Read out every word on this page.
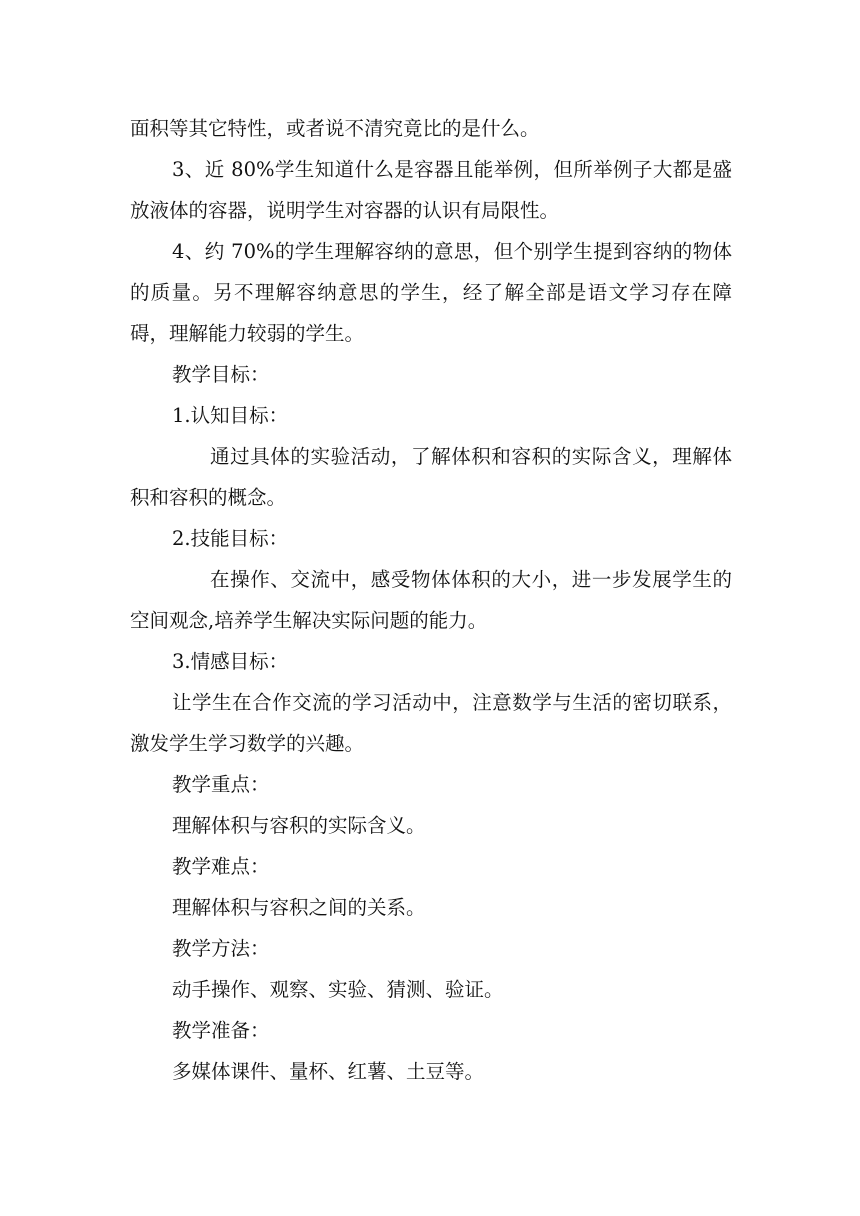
面积等其它特性，或者说不清究竟比的是什么。

3、近 80%学生知道什么是容器且能举例，但所举例子大都是盛放液体的容器，说明学生对容器的认识有局限性。

4、约 70%的学生理解容纳的意思，但个别学生提到容纳的物体的质量。另不理解容纳意思的学生，经了解全部是语文学习存在障碍，理解能力较弱的学生。

教学目标：

1.认知目标：

通过具体的实验活动，了解体积和容积的实际含义，理解体积和容积的概念。

2.技能目标：

在操作、交流中，感受物体体积的大小，进一步发展学生的空间观念,培养学生解决实际问题的能力。

3.情感目标：

让学生在合作交流的学习活动中，注意数学与生活的密切联系，激发学生学习数学的兴趣。

教学重点：

理解体积与容积的实际含义。

教学难点：

理解体积与容积之间的关系。

教学方法：

动手操作、观察、实验、猜测、验证。

教学准备：

多媒体课件、量杯、红薯、土豆等。
